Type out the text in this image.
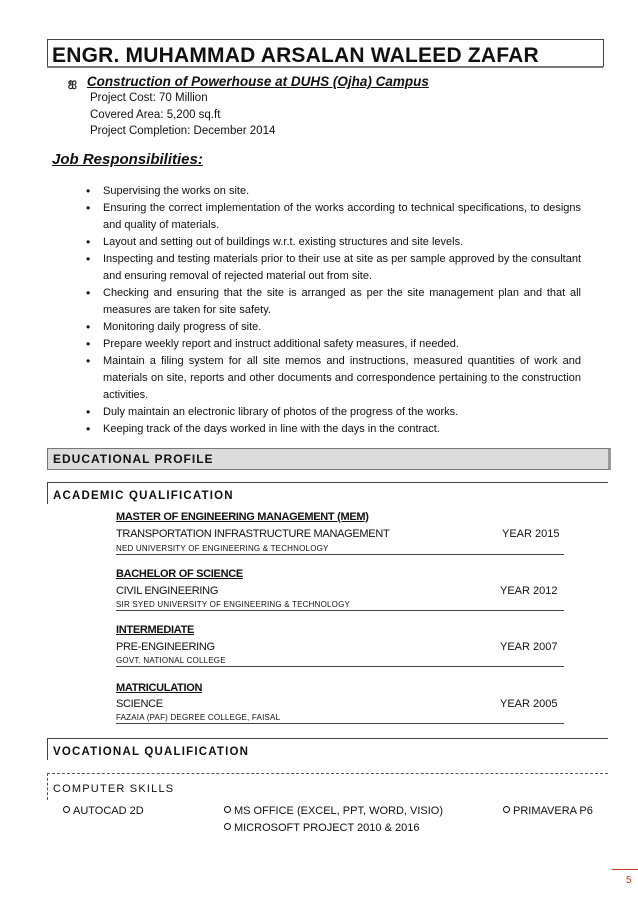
ENGR. MUHAMMAD ARSALAN WALEED ZAFAR
ஐ Construction of Powerhouse at DUHS (Ojha) Campus
Project Cost: 70 Million
Covered Area: 5,200 sq.ft
Project Completion: December 2014
Job Responsibilities:
• Supervising the works on site.
• Ensuring the correct implementation of the works according to technical specifications, to designs and quality of materials.
• Layout and setting out of buildings w.r.t. existing structures and site levels.
• Inspecting and testing materials prior to their use at site as per sample approved by the consultant and ensuring removal of rejected material out from site.
• Checking and ensuring that the site is arranged as per the site management plan and that all measures are taken for site safety.
• Monitoring daily progress of site.
• Prepare weekly report and instruct additional safety measures, if needed.
• Maintain a filing system for all site memos and instructions, measured quantities of work and materials on site, reports and other documents and correspondence pertaining to the construction activities.
• Duly maintain an electronic library of photos of the progress of the works.
• Keeping track of the days worked in line with the days in the contract.
EDUCATIONAL PROFILE
ACADEMIC QUALIFICATION
MASTER OF ENGINEERING MANAGEMENT (MEM)
TRANSPORTATION INFRASTRUCTURE MANAGEMENT	YEAR 2015
NED UNIVERSITY OF ENGINEERING & TECHNOLOGY
BACHELOR OF SCIENCE
CIVIL ENGINEERING	YEAR 2012
SIR SYED UNIVERSITY OF ENGINEERING & TECHNOLOGY
INTERMEDIATE
PRE-ENGINEERING	YEAR 2007
GOVT. NATIONAL COLLEGE
MATRICULATION
SCIENCE	YEAR 2005
FAZAIA (PAF) DEGREE COLLEGE, FAISAL
VOCATIONAL QUALIFICATION
COMPUTER SKILLS
AUTOCAD 2D	MS OFFICE (EXCEL, PPT, WORD, VISIO)	PRIMAVERA P6
MICROSOFT PROJECT 2010 & 2016
5
